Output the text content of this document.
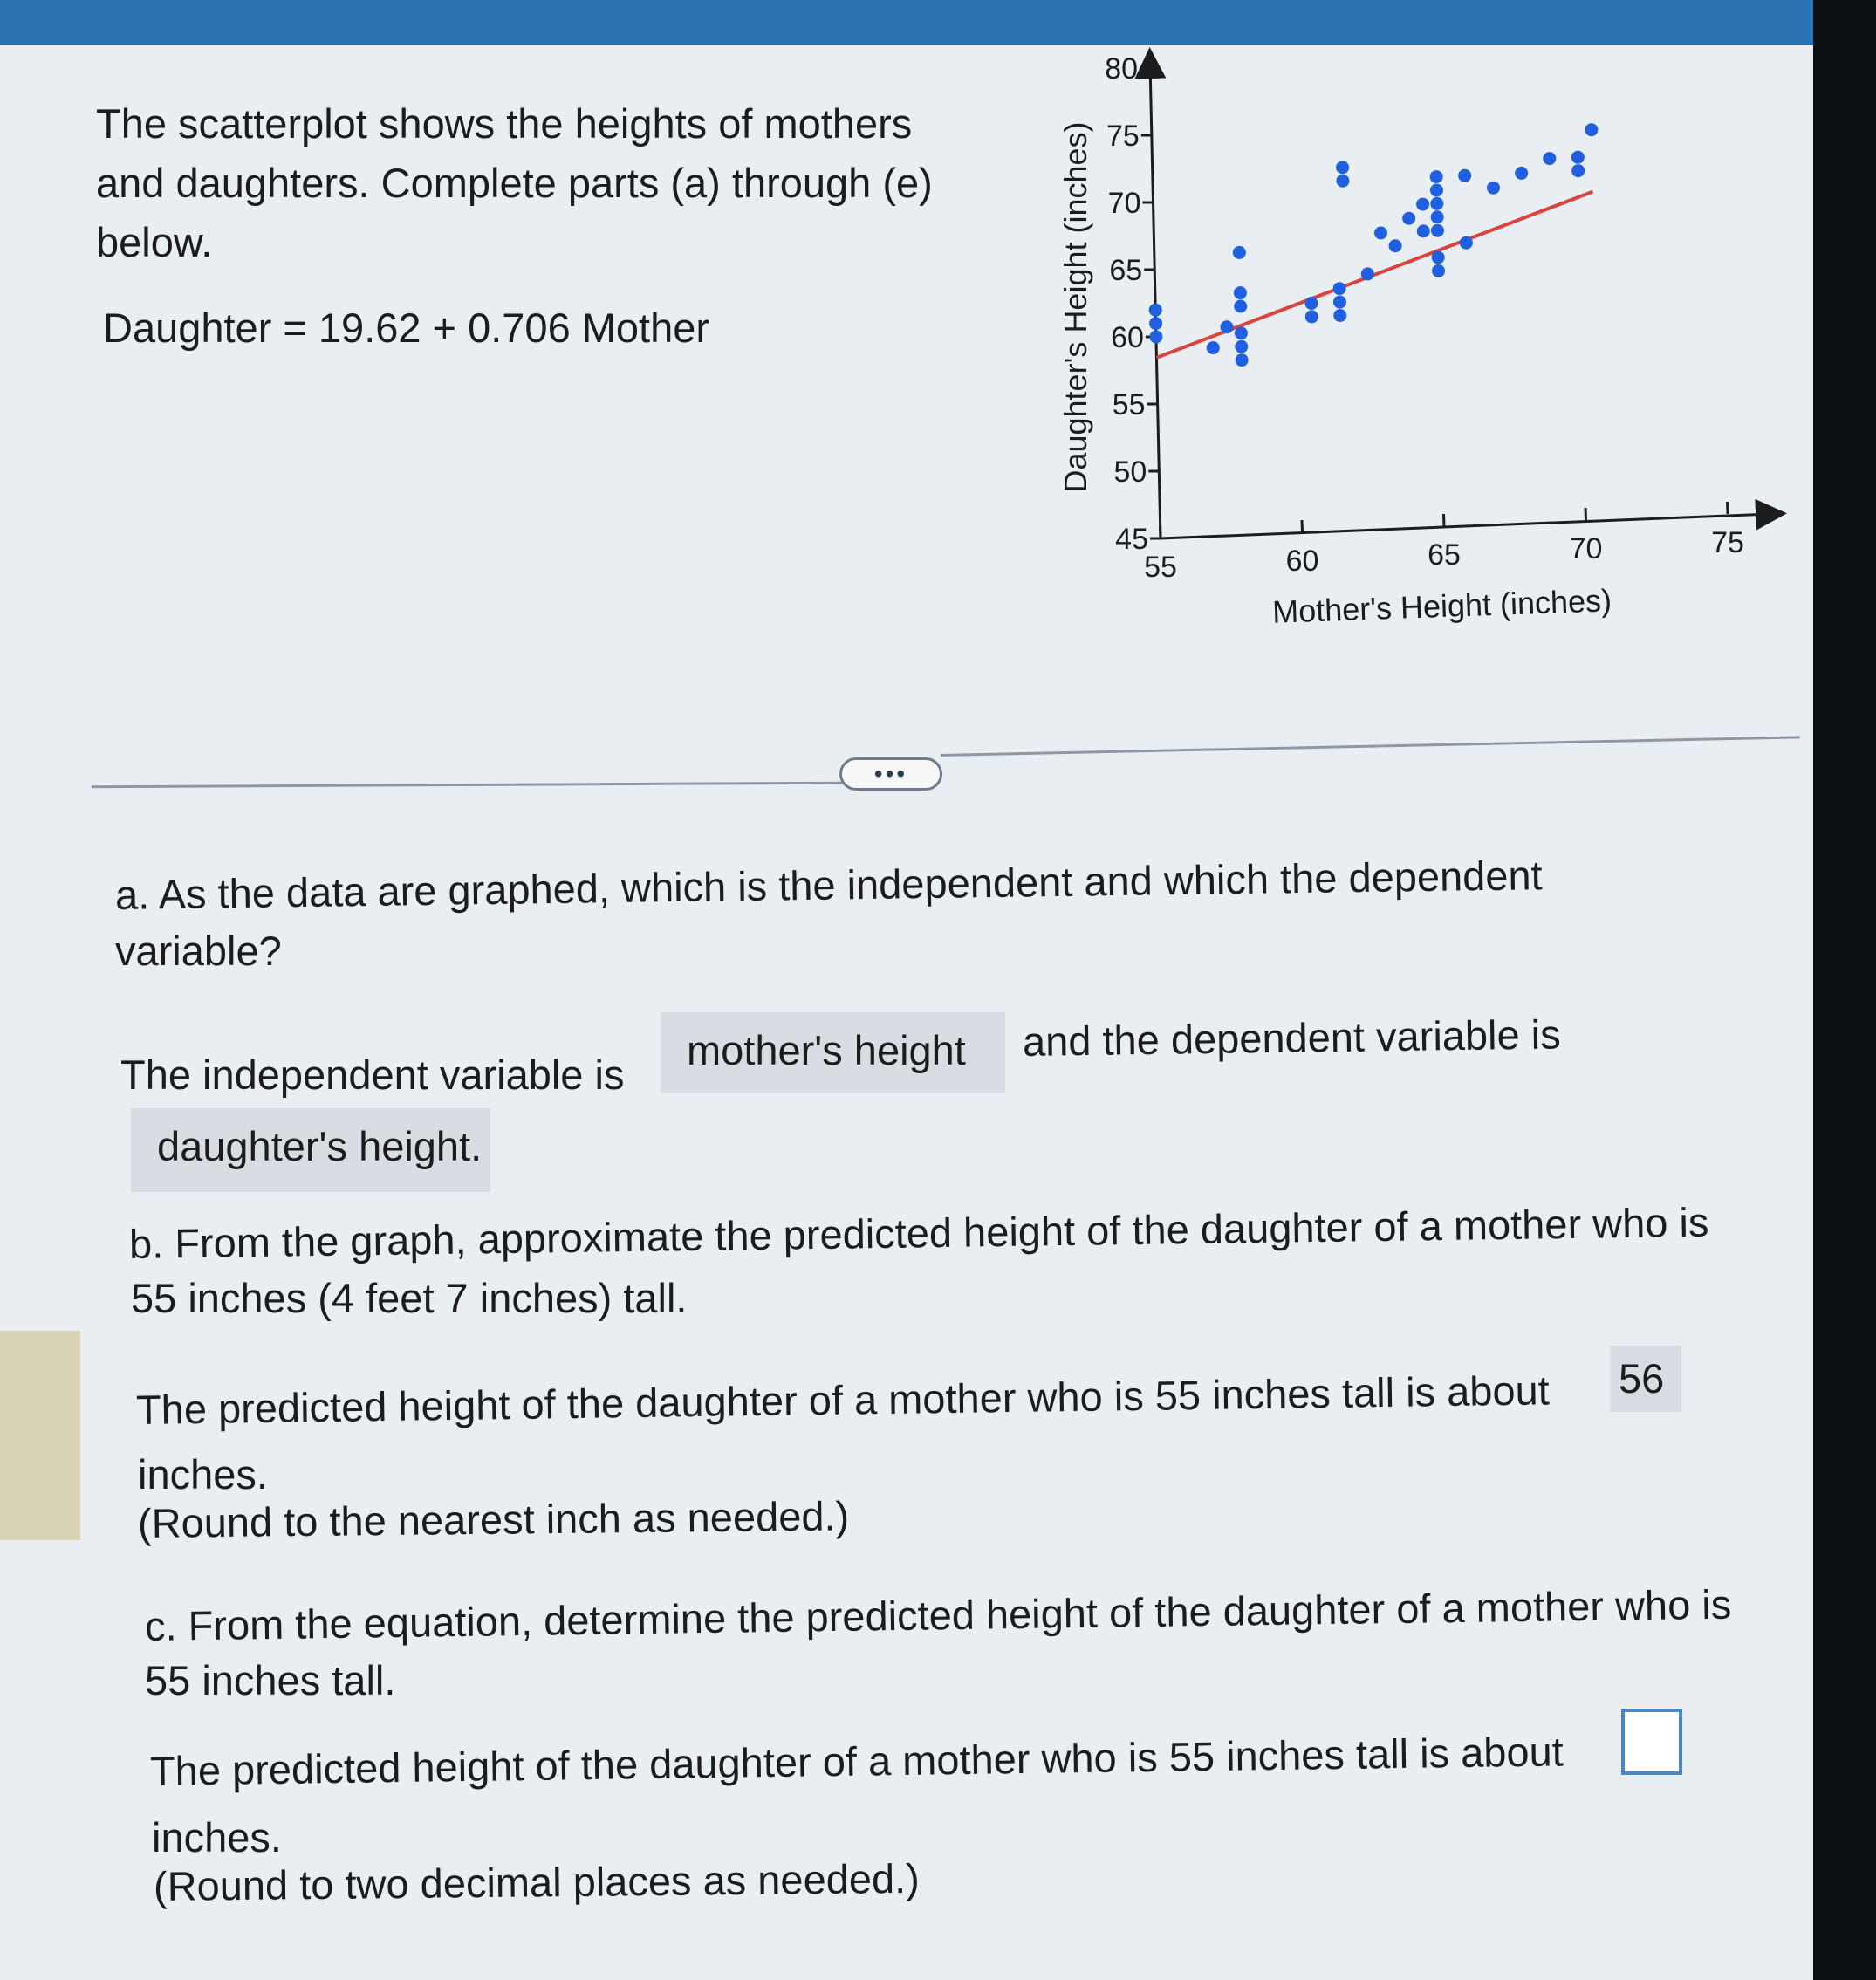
The scatterplot shows the heights of mothers

and daughters. Complete parts (a) through (e)

below.

Daughter = 19.62 + 0.706 Mother

45
50
55
60
65
70
75
80
55	60	65	70	75
Mother's Height (inches)
Daughter's Height (inches)
•••

a. As the data are graphed, which is the independent and which the dependent

variable?

The independent variable is

mother's height	and the dependent variable is

daughter's height.

b. From the graph, approximate the predicted height of the daughter of a mother who is

55 inches (4 feet 7 inches) tall.

The predicted height of the daughter of a mother who is 55 inches tall is about 56

inches.

(Round to the nearest inch as needed.)

c. From the equation, determine the predicted height of the daughter of a mother who is

55 inches tall.

The predicted height of the daughter of a mother who is 55 inches tall is about

inches.

(Round to two decimal places as needed.)
